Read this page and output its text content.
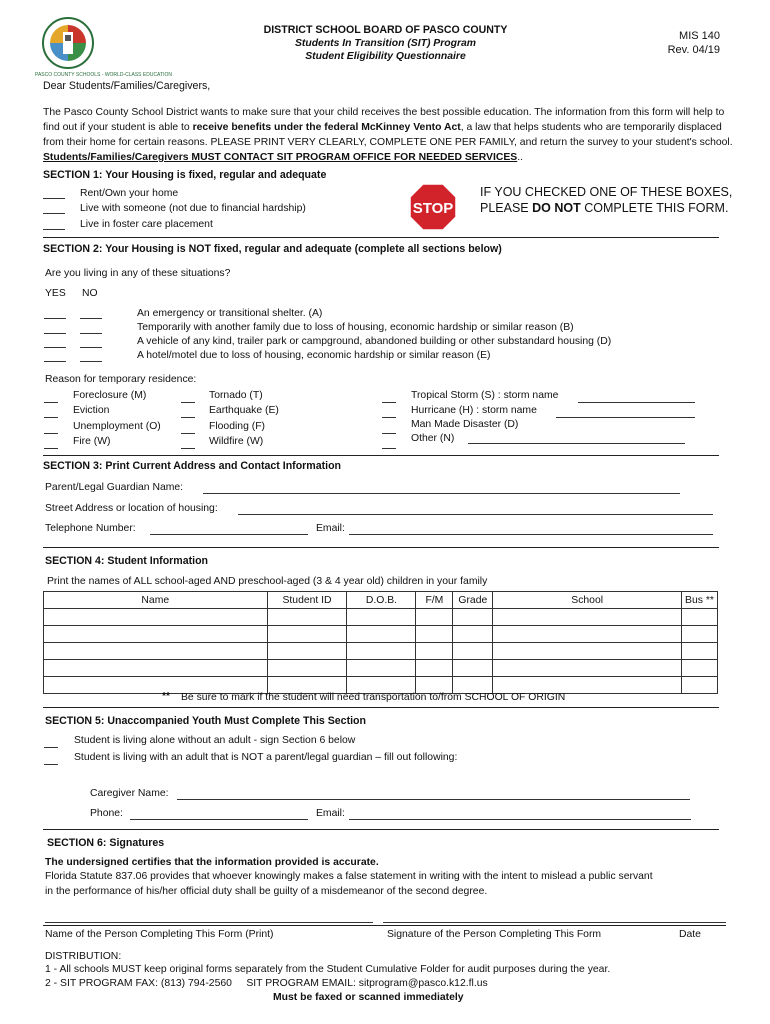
PASCO COUNTY SCHOOLS - WORLD-CLASS EDUCATION
DISTRICT SCHOOL BOARD OF PASCO COUNTY
Students In Transition (SIT) Program
Student Eligibility Questionnaire
MIS 140
Rev. 04/19
Dear Students/Families/Caregivers,
The Pasco County School District wants to make sure that your child receives the best possible education. The information from this form will help to find out if your student is able to receive benefits under the federal McKinney Vento Act, a law that helps students who are temporarily displaced from their home for certain reasons. PLEASE PRINT VERY CLEARLY, COMPLETE ONE PER FAMILY, and return the survey to your student's school. Students/Families/Caregivers MUST CONTACT SIT PROGRAM OFFICE FOR NEEDED SERVICES..
SECTION 1: Your Housing is fixed, regular and adequate
Rent/Own your home
Live with someone (not due to financial hardship)
Live in foster care placement
STOP
IF YOU CHECKED ONE OF THESE BOXES,
PLEASE DO NOT COMPLETE THIS FORM.
SECTION 2: Your Housing is NOT fixed, regular and adequate (complete all sections below)
Are you living in any of these situations?
YES NO
An emergency or transitional shelter. (A)
Temporarily with another family due to loss of housing, economic hardship or similar reason (B)
A vehicle of any kind, trailer park or campground, abandoned building or other substandard housing (D)
A hotel/motel due to loss of housing, economic hardship or similar reason (E)
Reason for temporary residence:
Foreclosure (M)
Eviction
Unemployment (O)
Fire (W)
Tornado (T)
Earthquake (E)
Flooding (F)
Wildfire (W)
Tropical Storm (S) : storm name
Hurricane (H) : storm name
Man Made Disaster (D)
Other (N)
SECTION 3: Print Current Address and Contact Information
Parent/Legal Guardian Name:
Street Address or location of housing:
Telephone Number:	Email:
SECTION 4: Student Information
Print the names of ALL school-aged AND preschool-aged (3 & 4 year old) children in your family
Name	Student ID	D.O.B.	F/M	Grade	School	Bus **

** Be sure to mark if the student will need transportation to/from SCHOOL OF ORIGIN
SECTION 5: Unaccompanied Youth Must Complete This Section
Student is living alone without an adult - sign Section 6 below
Student is living with an adult that is NOT a parent/legal guardian – fill out following:
Caregiver Name:
Phone:	Email:
SECTION 6: Signatures
The undersigned certifies that the information provided is accurate.
Florida Statute 837.06 provides that whoever knowingly makes a false statement in writing with the intent to mislead a public servant
in the performance of his/her official duty shall be guilty of a misdemeanor of the second degree.
Name of the Person Completing This Form (Print)	Signature of the Person Completing This Form	Date
DISTRIBUTION:
1 - All schools MUST keep original forms separately from the Student Cumulative Folder for audit purposes during the year.
2 - SIT PROGRAM FAX: (813) 794-2560     SIT PROGRAM EMAIL: sitprogram@pasco.k12.fl.us
Must be faxed or scanned immediately
